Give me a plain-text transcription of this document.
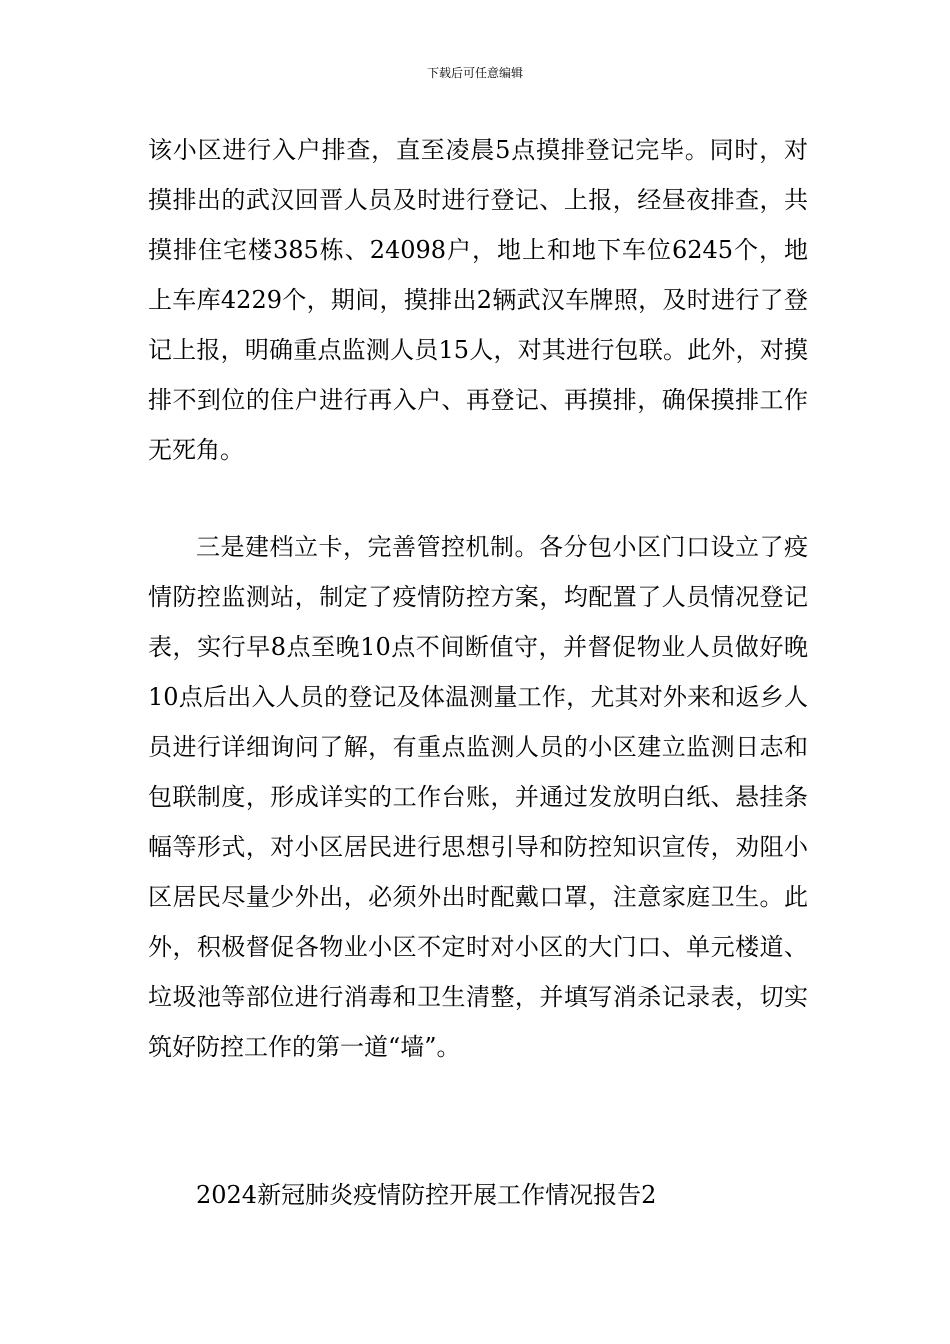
下载后可任意编辑

该小区进行入户排查，直至凌晨5点摸排登记完毕。同时，对摸排出的武汉回晋人员及时进行登记、上报，经昼夜排查，共摸排住宅楼385栋、24098户，地上和地下车位6245个，地上车库4229个，期间，摸排出2辆武汉车牌照，及时进行了登记上报，明确重点监测人员15人，对其进行包联。此外，对摸排不到位的住户进行再入户、再登记、再摸排，确保摸排工作无死角。

三是建档立卡，完善管控机制。各分包小区门口设立了疫情防控监测站，制定了疫情防控方案，均配置了人员情况登记表，实行早8点至晚10点不间断值守，并督促物业人员做好晚10点后出入人员的登记及体温测量工作，尤其对外来和返乡人员进行详细询问了解，有重点监测人员的小区建立监测日志和包联制度，形成详实的工作台账，并通过发放明白纸、悬挂条幅等形式，对小区居民进行思想引导和防控知识宣传，劝阻小区居民尽量少外出，必须外出时配戴口罩，注意家庭卫生。此外，积极督促各物业小区不定时对小区的大门口、单元楼道、垃圾池等部位进行消毒和卫生清整，并填写消杀记录表，切实筑好防控工作的第一道“墙”。

2024新冠肺炎疫情防控开展工作情况报告2
